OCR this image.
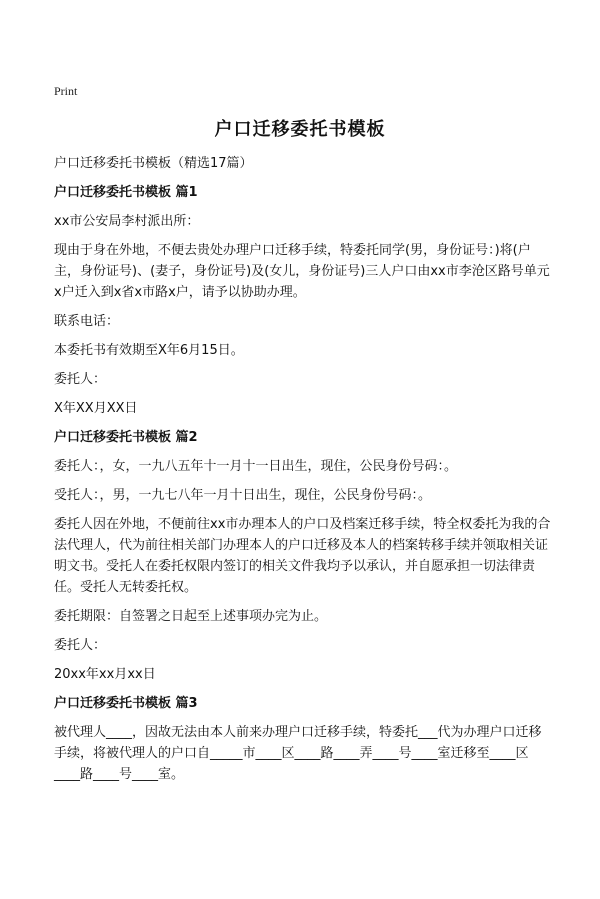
Print
户口迁移委托书模板

户口迁移委托书模板（精选17篇）

户口迁移委托书模板 篇1

xx市公安局李村派出所：

现由于身在外地，不便去贵处办理户口迁移手续，特委托同学(男，身份证号：)将(户主，身份证号)、(妻子，身份证号)及(女儿，身份证号)三人户口由xx市李沧区路号单元x户迁入到x省x市路x户，请予以协助办理。

联系电话：

本委托书有效期至X年6月15日。

委托人：

X年XX月XX日

户口迁移委托书模板 篇2

委托人：，女，一九八五年十一月十一日出生，现住，公民身份号码：。

受托人：，男，一九七八年一月十日出生，现住，公民身份号码：。

委托人因在外地，不便前往xx市办理本人的户口及档案迁移手续，特全权委托为我的合法代理人，代为前往相关部门办理本人的户口迁移及本人的档案转移手续并领取相关证明文书。受托人在委托权限内签订的相关文件我均予以承认，并自愿承担一切法律责任。受托人无转委托权。

委托期限：自签署之日起至上述事项办完为止。

委托人：

20xx年xx月xx日

户口迁移委托书模板 篇3

被代理人____，因故无法由本人前来办理户口迁移手续，特委托___代为办理户口迁移手续，将被代理人的户口自_____市____区____路____弄____号____室迁移至____区____路____号____室。
